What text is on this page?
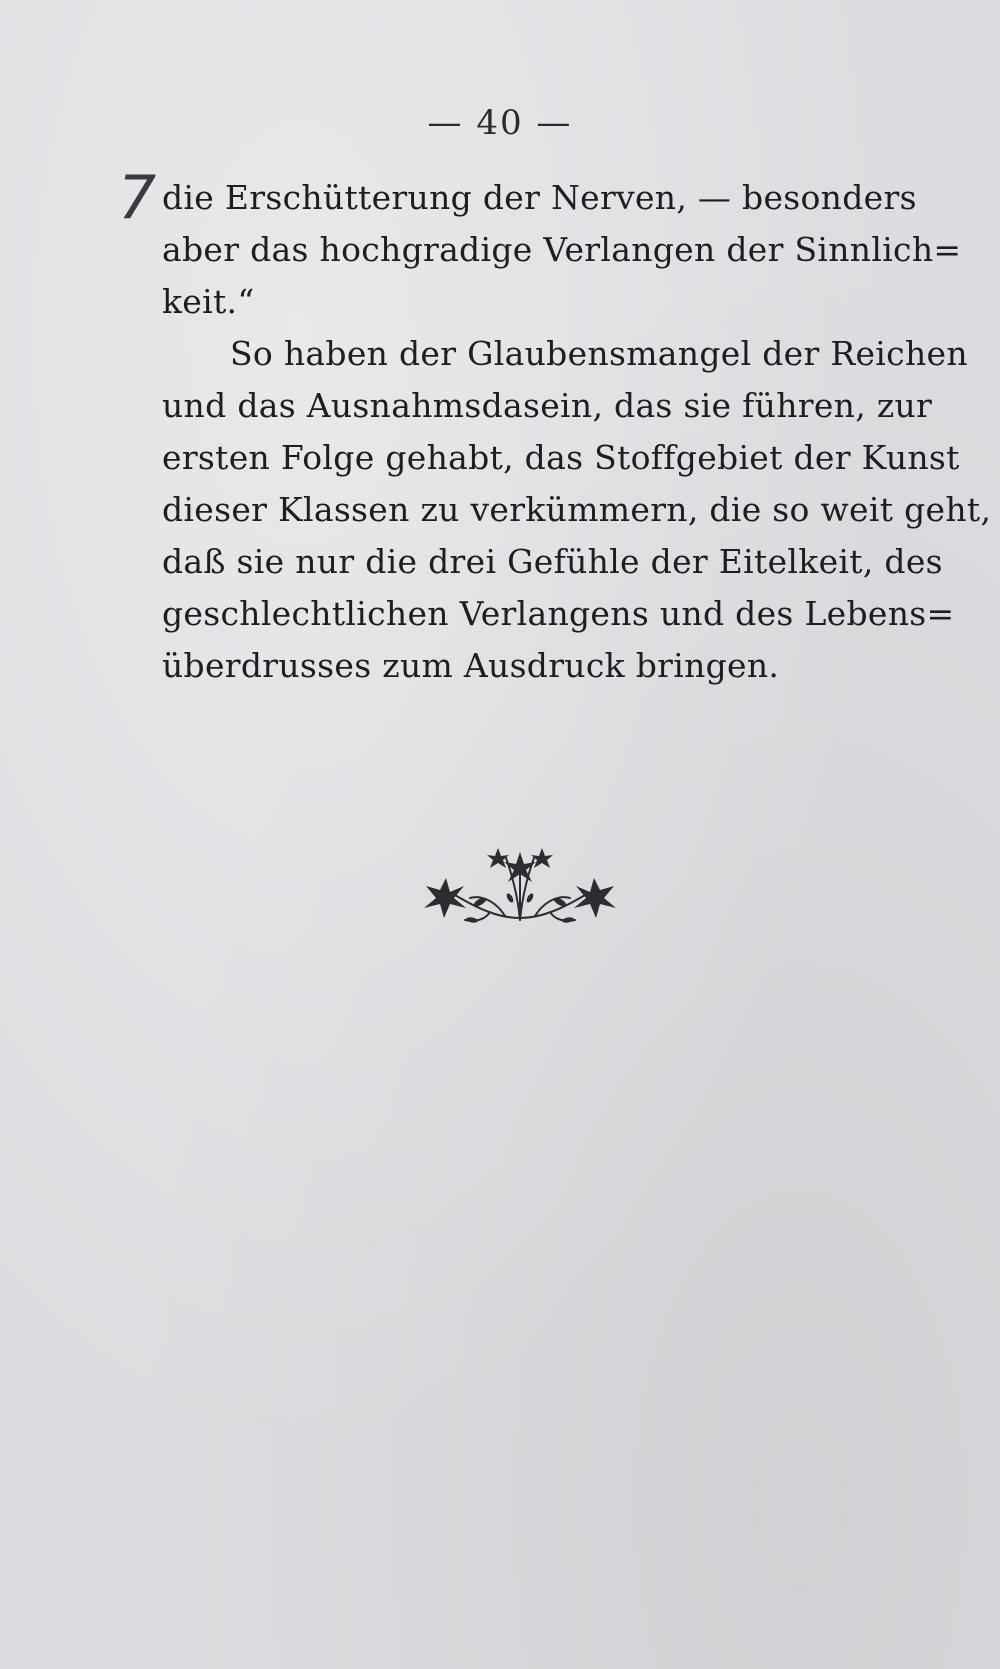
— 40 —
7 die Erschütterung der Nerven, — besonders
aber das hochgradige Verlangen der Sinnlich=
keit.“
So haben der Glaubensmangel der Reichen
und das Ausnahmsdasein, das sie führen, zur
ersten Folge gehabt, das Stoffgebiet der Kunst
dieser Klassen zu verkümmern, die so weit geht,
daß sie nur die drei Gefühle der Eitelkeit, des
geschlechtlichen Verlangens und des Lebens=
überdrusses zum Ausdruck bringen.
